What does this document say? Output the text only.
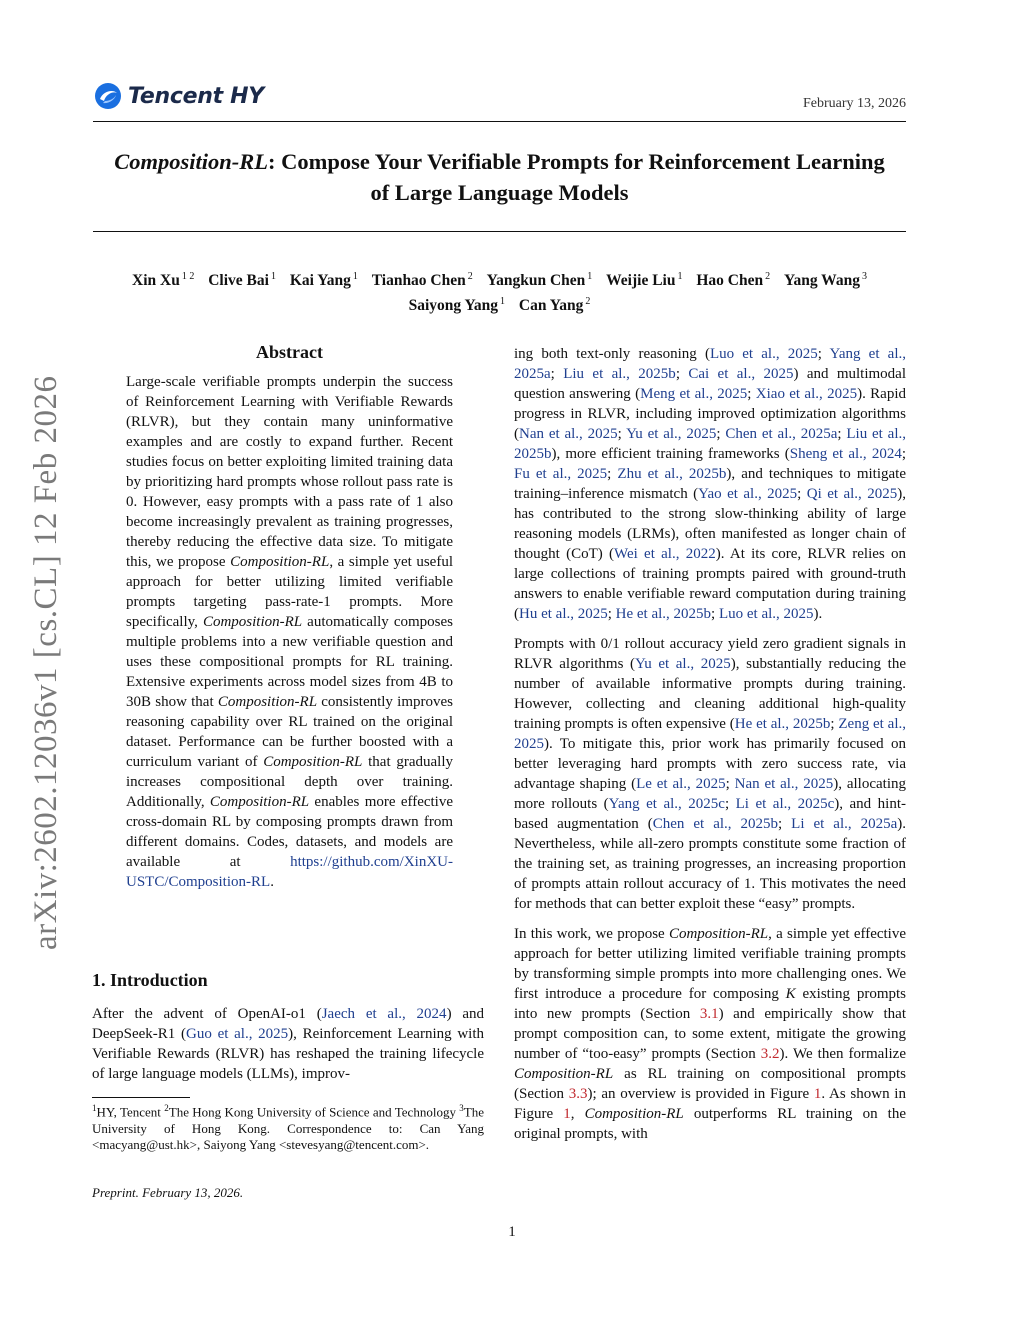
Tencent HY	February 13, 2026
Composition-RL: Compose Your Verifiable Prompts for Reinforcement Learning
of Large Language Models
Xin Xu $^{1 2}$ Clive Bai $^1$ Kai Yang $^1$ Tianhao Chen $^2$ Yangkun Chen $^1$ Weijie Liu $^1$ Hao Chen $^2$ Yang Wang $^3$
Saiyong Yang $^1$ Can Yang $^2$
arXiv:2602.12036v1 [cs.CL] 12 Feb 2026
Abstract
Large-scale verifiable prompts underpin the success of Reinforcement Learning with Verifiable Rewards (RLVR), but they contain many uninformative examples and are costly to expand further. Recent studies focus on better exploiting limited training data by prioritizing hard prompts whose rollout pass rate is 0. However, easy prompts with a pass rate of 1 also become increasingly prevalent as training progresses, thereby reducing the effective data size. To mitigate this, we propose Composition-RL, a simple yet useful approach for better utilizing limited verifiable prompts targeting pass-rate-1 prompts. More specifically, Composition-RL automatically composes multiple problems into a new verifiable question and uses these compositional prompts for RL training. Extensive experiments across model sizes from 4B to 30B show that Composition-RL consistently improves reasoning capability over RL trained on the original dataset. Performance can be further boosted with a curriculum variant of Composition-RL that gradually increases compositional depth over training. Additionally, Composition-RL enables more effective cross-domain RL by composing prompts drawn from different domains. Codes, datasets, and models are available at https://github.com/XinXU-USTC/Composition-RL.
1. Introduction
After the advent of OpenAI-o1 (Jaech et al., 2024) and DeepSeek-R1 (Guo et al., 2025), Reinforcement Learning with Verifiable Rewards (RLVR) has reshaped the training lifecycle of large language models (LLMs), improv-
$^1$HY, Tencent $^2$The Hong Kong University of Science and Technology $^3$The University of Hong Kong. Correspondence to: Can Yang <macyang@ust.hk>, Saiyong Yang <stevesyang@tencent.com>.
Preprint. February 13, 2026.

ing both text-only reasoning (Luo et al., 2025; Yang et al., 2025a; Liu et al., 2025b; Cai et al., 2025) and multimodal question answering (Meng et al., 2025; Xiao et al., 2025). Rapid progress in RLVR, including improved optimization algorithms (Nan et al., 2025; Yu et al., 2025; Chen et al., 2025a; Liu et al., 2025b), more efficient training frameworks (Sheng et al., 2024; Fu et al., 2025; Zhu et al., 2025b), and techniques to mitigate training–inference mismatch (Yao et al., 2025; Qi et al., 2025), has contributed to the strong slow-thinking ability of large reasoning models (LRMs), often manifested as longer chain of thought (CoT) (Wei et al., 2022). At its core, RLVR relies on large collections of training prompts paired with ground-truth answers to enable verifiable reward computation during training (Hu et al., 2025; He et al., 2025b; Luo et al., 2025).

Prompts with 0/1 rollout accuracy yield zero gradient signals in RLVR algorithms (Yu et al., 2025), substantially reducing the number of available informative prompts during training. However, collecting and cleaning additional high-quality training prompts is often expensive (He et al., 2025b; Zeng et al., 2025). To mitigate this, prior work has primarily focused on better leveraging hard prompts with zero success rate, via advantage shaping (Le et al., 2025; Nan et al., 2025), allocating more rollouts (Yang et al., 2025c; Li et al., 2025c), and hint-based augmentation (Chen et al., 2025b; Li et al., 2025a). Nevertheless, while all-zero prompts constitute some fraction of the training set, as training progresses, an increasing proportion of prompts attain rollout accuracy of 1. This motivates the need for methods that can better exploit these “easy” prompts.

In this work, we propose Composition-RL, a simple yet effective approach for better utilizing limited verifiable training prompts by transforming simple prompts into more challenging ones. We first introduce a procedure for composing K existing prompts into new prompts (Section 3.1) and empirically show that prompt composition can, to some extent, mitigate the growing number of “too-easy” prompts (Section 3.2). We then formalize Composition-RL as RL training on compositional prompts (Section 3.3); an overview is provided in Figure 1. As shown in Figure 1, Composition-RL outperforms RL training on the original prompts, with

1
